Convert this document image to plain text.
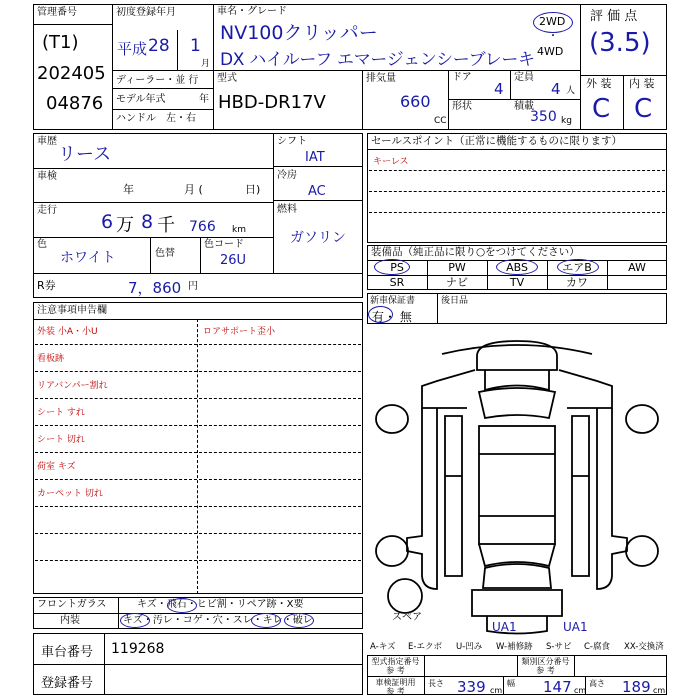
管理番号
(T1)
202405
04876
初度登録年月
平成 28 1
月
ディーラー・並 行
モデル年式	年
ハンドル　左・右
車名・グレード
NV100クリッパー
DX ハイルーフ エマージェンシーブレーキ
2WD
・
4WD
型式
HBD-DR17V
排気量
660
CC
ドア
4
定員
4 人
形状	積載
350 kg
評 価 点
(3.5)
外 装 内 装
C C
車歴
リース
車検
年	月 (	日)
走行
6 万 8 千 766 km
色
ホワイト	色替
色コード
26U
シフト
IAT
冷房
AC
燃料
ガソリン
R券	7，860 円
セールスポイント（正常に機能するものに限ります）
キーレス
装備品（純正品に限り○をつけてください）
PS	PW	ABS	エアB	AW
SR	ナビ	TV	カワ
新車保証書
有・ 無
後日品
注意事項申告欄
外装 小A・小U
看板跡
リアバンパー割れ
シート すれ
シート 切れ
荷室 キズ
カーペット 切れ
ロアサポート歪小
フロントガラス	キズ・飛石・ヒビ割・リペア跡・X要
内装	キズ・汚レ・コゲ・穴・スレ・キレ・破レ	スペア
UA1	UA1
A-キズ E-エクボ U-凹み W-補修跡 S-サビ C-腐食 XX-交換済
車台番号 119268
登録番号
型式指定番号
参 考
類別区分番号
参 考
車検証明用
参 考
長さ 339 cm
幅 147 cm
高さ 189 cm
